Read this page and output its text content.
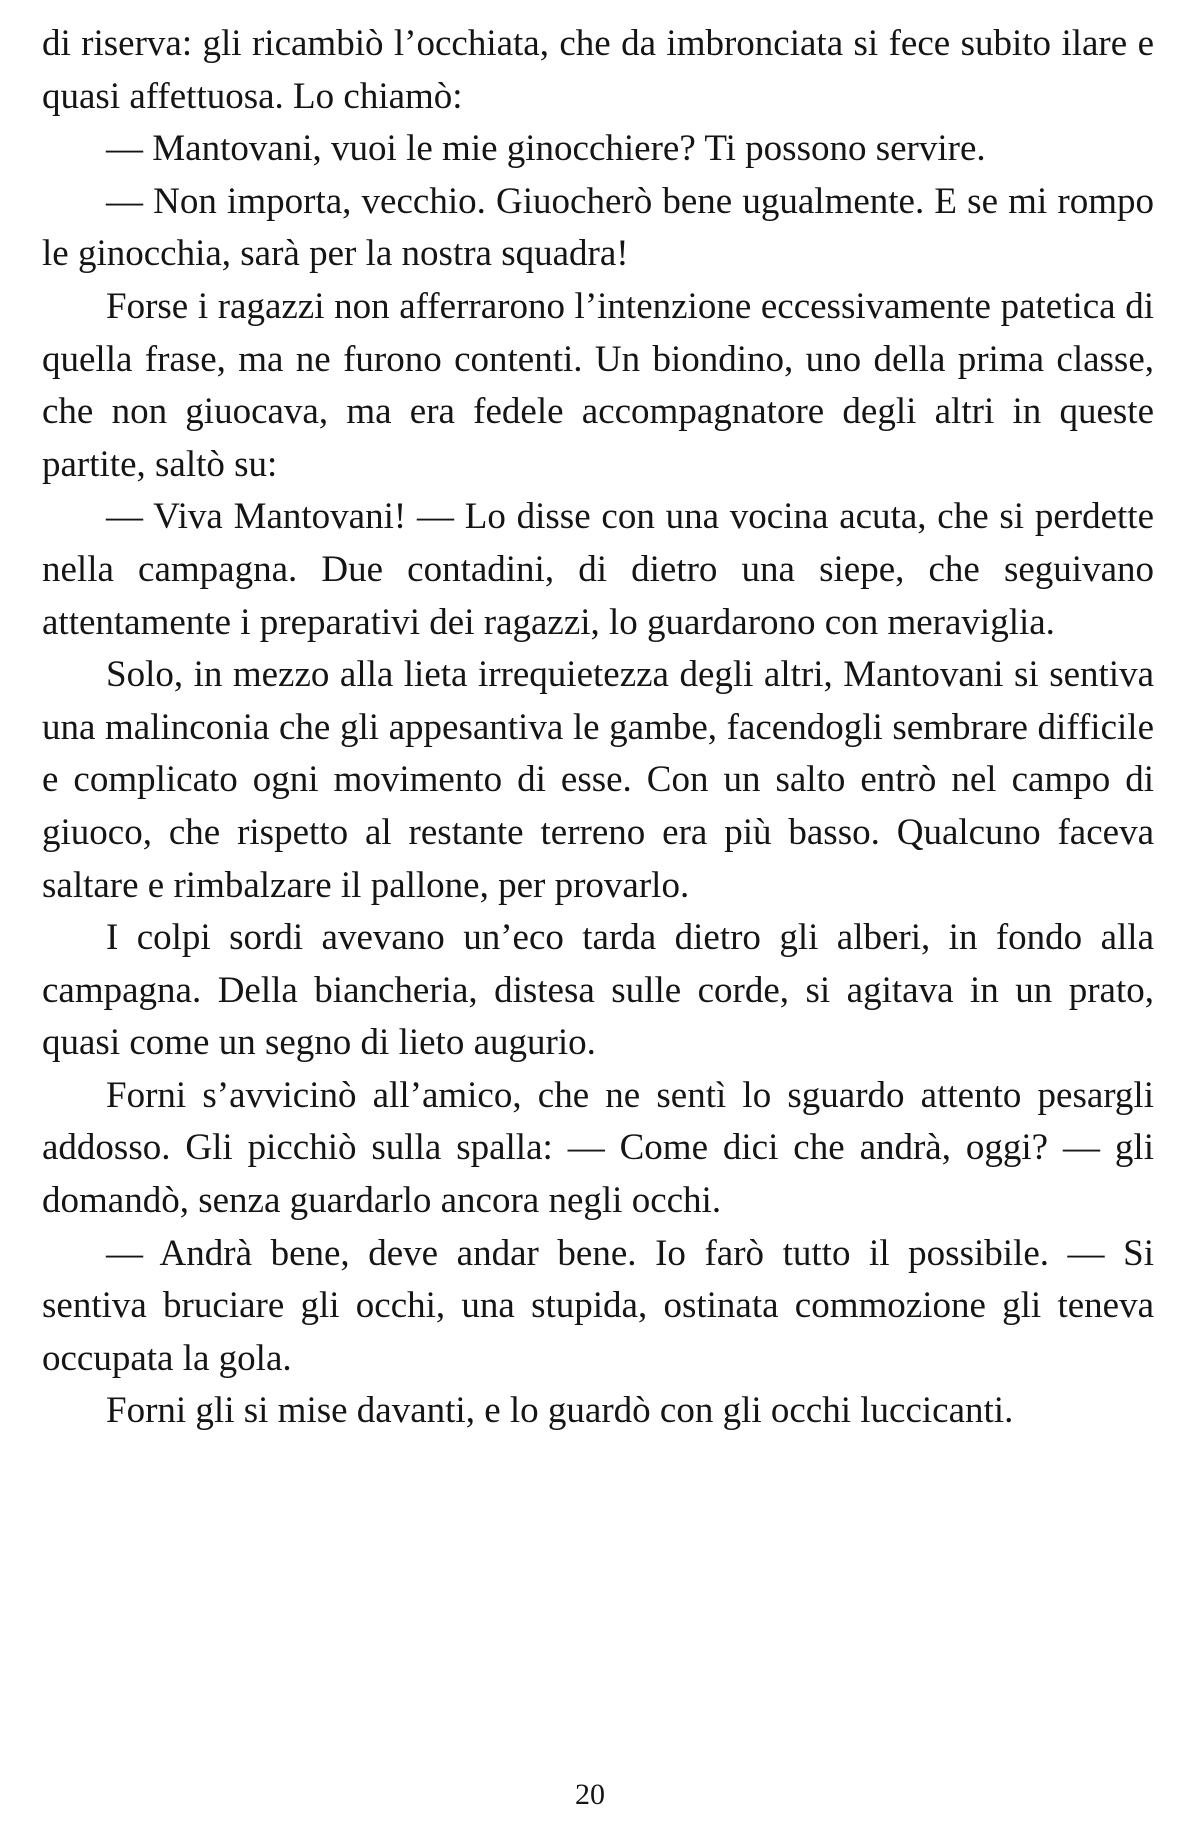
di riserva: gli ricambiò l’occhiata, che da imbronciata si fece subito ilare e quasi affettuosa. Lo chiamò:

— Mantovani, vuoi le mie ginocchiere? Ti possono servire.

— Non importa, vecchio. Giuocherò bene ugualmente. E se mi rompo le ginocchia, sarà per la nostra squadra!

Forse i ragazzi non afferrarono l’intenzione eccessivamente patetica di quella frase, ma ne furono contenti. Un biondino, uno della prima classe, che non giuocava, ma era fedele accompagnatore degli altri in queste partite, saltò su:

— Viva Mantovani! — Lo disse con una vocina acuta, che si perdette nella campagna. Due contadini, di dietro una siepe, che seguivano attentamente i preparativi dei ragazzi, lo guardarono con meraviglia.

Solo, in mezzo alla lieta irrequietezza degli altri, Mantovani si sentiva una malinconia che gli appesantiva le gambe, facendogli sembrare difficile e complicato ogni movimento di esse. Con un salto entrò nel campo di giuoco, che rispetto al restante terreno era più basso. Qualcuno faceva saltare e rimbalzare il pallone, per provarlo.

I colpi sordi avevano un’eco tarda dietro gli alberi, in fondo alla campagna. Della biancheria, distesa sulle corde, si agitava in un prato, quasi come un segno di lieto augurio.

Forni s’avvicinò all’amico, che ne sentì lo sguardo attento pesargli addosso. Gli picchiò sulla spalla: — Come dici che andrà, oggi? — gli domandò, senza guardarlo ancora negli occhi.

— Andrà bene, deve andar bene. Io farò tutto il possibile. — Si sentiva bruciare gli occhi, una stupida, ostinata commozione gli teneva occupata la gola.

Forni gli si mise davanti, e lo guardò con gli occhi luccicanti.

20
